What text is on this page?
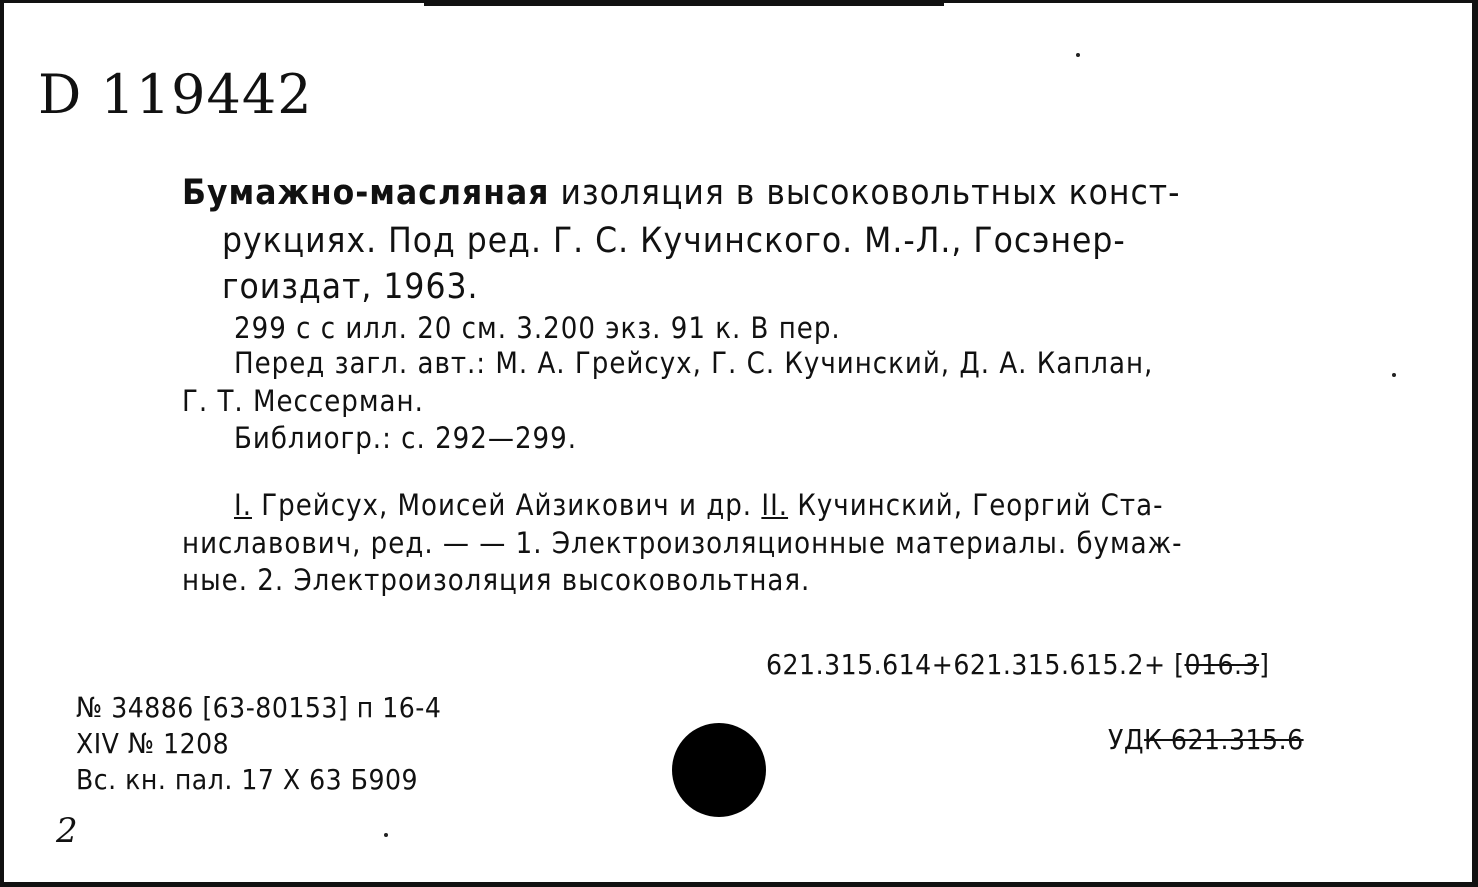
D 119442
Бумажно-масляная изоляция в высоковольтных конст-
рукциях. Под ред. Г. С. Кучинского. М.-Л., Госэнер-
гоиздат, 1963.
299 с с илл. 20 см. 3.200 экз. 91 к. В пер.
Перед загл. авт.: М. А. Грейсух, Г. С. Кучинский, Д. А. Каплан,
Г. Т. Мессерман.
Библиогр.: с. 292—299.
I. Грейсух, Моисей Айзикович и др. II. Кучинский, Георгий Ста-
ниславович, ред. — — 1. Электроизоляционные материалы. бумаж-
ные. 2. Электроизоляция высоковольтная.
621.315.614+621.315.615.2+ [016.3]
УДК 621.315.6
№ 34886 [63-80153] п 16-4
XIV № 1208
Вс. кн. пал. 17 X 63 Б909
2
